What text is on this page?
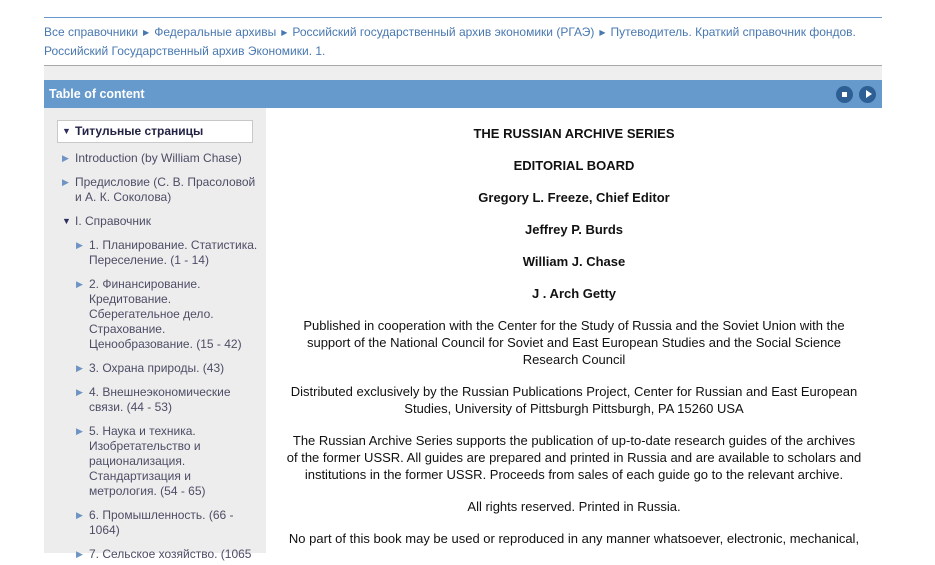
Все справочники ▶ Федеральные архивы ▶ Российский государственный архив экономики (РГАЭ) ▶ Путеводитель. Краткий справочник фондов. Российский Государственный архив Экономики. 1.
Table of content
▼ Титульные страницы
▶ Introduction (by William Chase)
▶ Предисловие (С. В. Прасоловой и А. К. Соколова)
▼ I. Справочник
▶ 1. Планирование. Статистика. Переселение. (1 - 14)
▶ 2. Финансирование. Кредитование. Сберегательное дело. Страхование. Ценообразование. (15 - 42)
▶ 3. Охрана природы. (43)
▶ 4. Внешнеэкономические связи. (44 - 53)
▶ 5. Наука и техника. Изобретательство и рационализация. Стандартизация и метрология. (54 - 65)
▶ 6. Промышленность. (66 - 1064)
▶ 7. Сельское хозяйство. (1065

THE RUSSIAN ARCHIVE SERIES

EDITORIAL BOARD

Gregory L. Freeze, Chief Editor

Jeffrey P. Burds

William J. Chase

J . Arch Getty

Published in cooperation with the Center for the Study of Russia and the Soviet Union with the support of the National Council for Soviet and East European Studies and the Social Science Research Council

Distributed exclusively by the Russian Publications Project, Center for Russian and East European Studies, University of Pittsburgh Pittsburgh, PA 15260 USA

The Russian Archive Series supports the publication of up-to-date research guides of the archives of the former USSR. All guides are prepared and printed in Russia and are available to scholars and institutions in the former USSR. Proceeds from sales of each guide go to the relevant archive.

All rights reserved. Printed in Russia.

No part of this book may be used or reproduced in any manner whatsoever, electronic, mechanical,
